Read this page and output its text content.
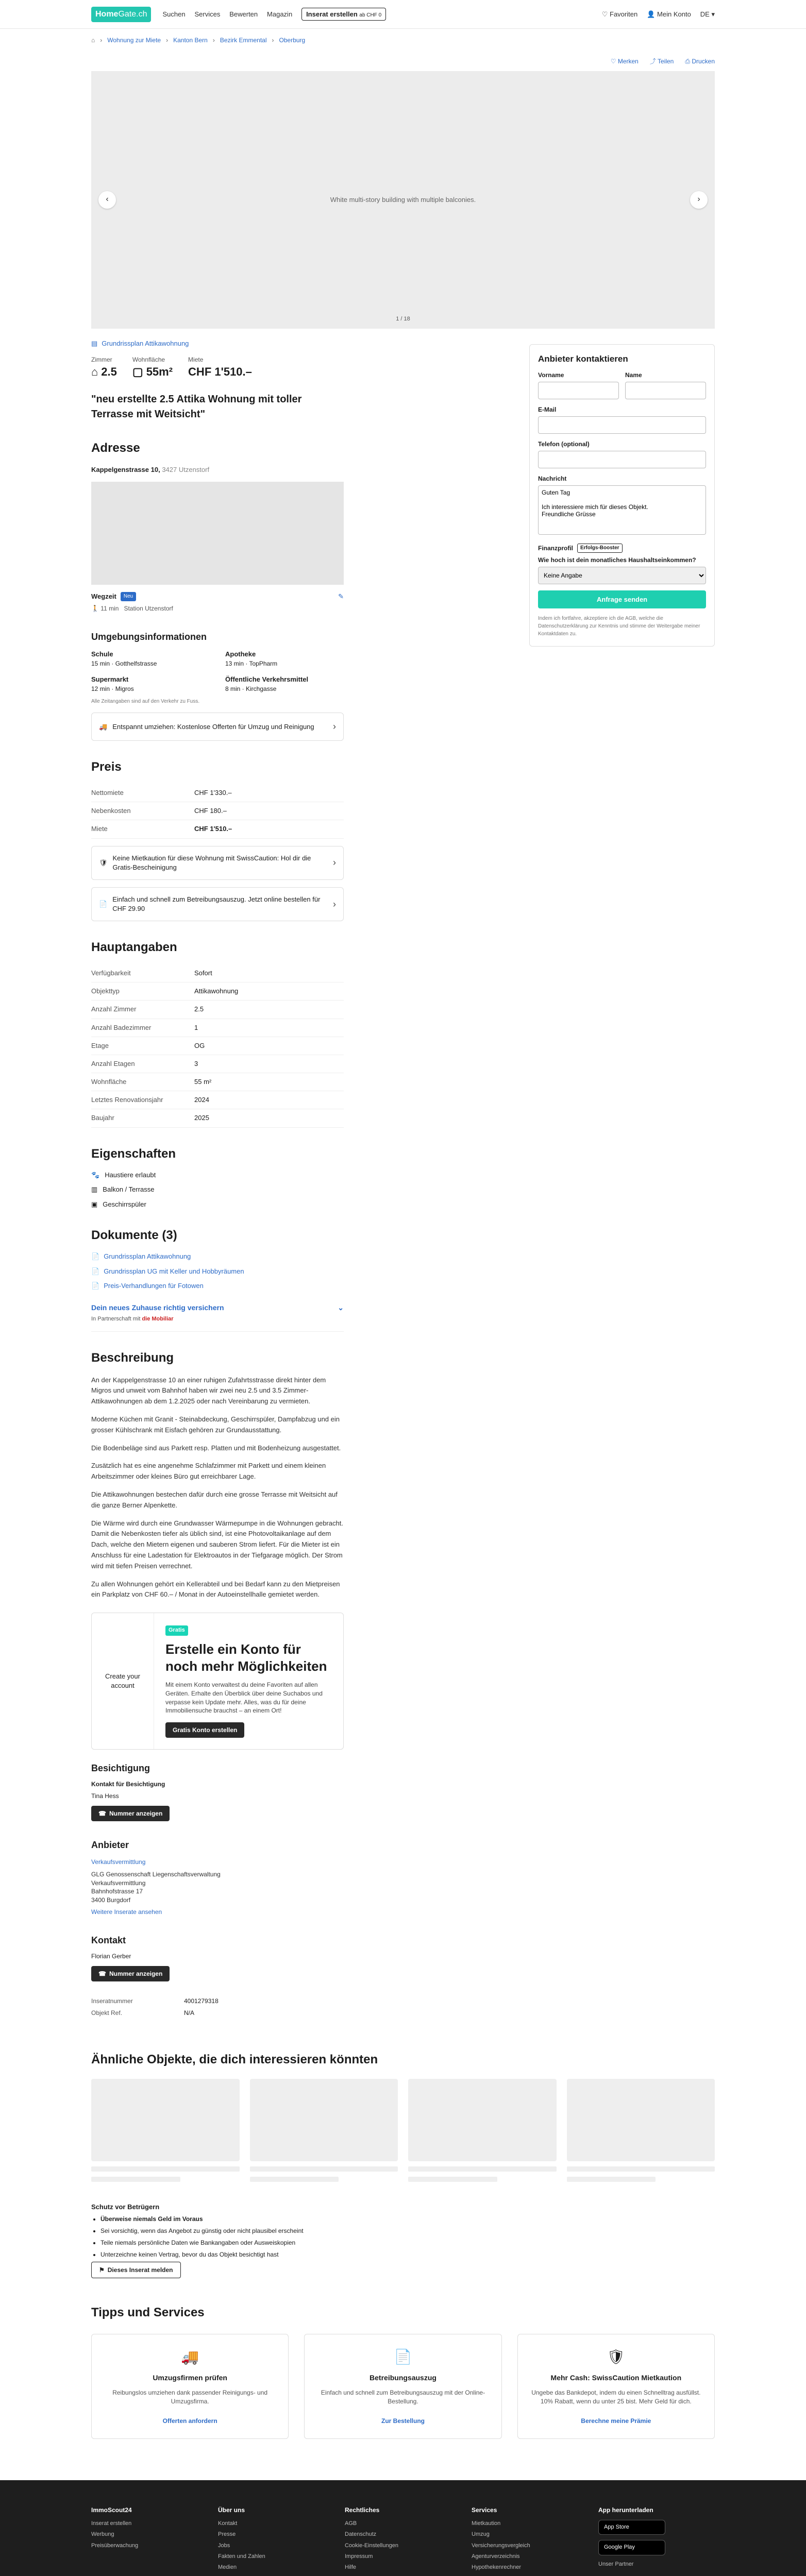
HomeGate.ch	Suchen Services Bewerten Magazin Inserat erstellen ab CHF 0	♡ Favoriten 👤 Mein Konto DE ▾
⌂ › Wohnung zur Miete › Kanton Bern › Bezirk Emmental › Oberburg
♡ Merken ⤴ Teilen ⎙ Drucken
White multi-story building with multiple balconies.
‹	›
1 / 18
▤ Grundrissplan Attikawohnung
Zimmer
⌂ 2.5
Wohnfläche
▢ 55m²
Miete
CHF 1'510.–
"neu erstellte 2.5 Attika Wohnung mit toller Terrasse mit Weitsicht"
Adresse
Kappelgenstrasse 10, 3427 Utzenstorf
Wegzeit	Neu	✎
🚶 11 min Station Utzenstorf
Umgebungsinformationen
Schule
15 min · Gotthelfstrasse
Apotheke
13 min · TopPharm
Supermarkt
12 min · Migros
Öffentliche Verkehrsmittel
8 min · Kirchgasse
Alle Zeitangaben sind auf den Verkehr zu Fuss.
🚚 Entspannt umziehen: Kostenlose Offerten für Umzug und Reinigung ›
Preis
Nettomiete	CHF 1'330.–
Nebenkosten	CHF 180.–
Miete	CHF 1'510.–
🛡
Keine Mietkaution für diese Wohnung mit SwissCaution: Hol dir die Gratis-Bescheinigung	›
📄
Einfach und schnell zum Betreibungsauszug. Jetzt online bestellen für CHF 29.90	›
Hauptangaben
Verfügbarkeit	Sofort
Objekttyp	Attikawohnung
Anzahl Zimmer	2.5
Anzahl Badezimmer	1
Etage	OG
Anzahl Etagen	3
Wohnfläche	55 m²
Letztes Renovationsjahr	2024
Baujahr	2025
Eigenschaften
🐾 Haustiere erlaubt
▥ Balkon / Terrasse
▣ Geschirrspüler
Dokumente (3)
📄 Grundrissplan Attikawohnung
📄 Grundrissplan UG mit Keller und Hobbyräumen
📄 Preis-Verhandlungen für Fotowen
Dein neues Zuhause richtig versichern	⌄
In Partnerschaft mit die Mobiliar
Beschreibung

An der Kappelgenstrasse 10 an einer ruhigen Zufahrtsstrasse direkt hinter dem Migros und unweit vom Bahnhof haben wir zwei neu 2.5 und 3.5 Zimmer-Attikawohnungen ab dem 1.2.2025 oder nach Vereinbarung zu vermieten.

Moderne Küchen mit Granit - Steinabdeckung, Geschirrspüler, Dampfabzug und ein grosser Kühlschrank mit Eisfach gehören zur Grundausstattung.

Die Bodenbeläge sind aus Parkett resp. Platten und mit Bodenheizung ausgestattet.

Zusätzlich hat es eine angenehme Schlafzimmer mit Parkett und einem kleinen Arbeitszimmer oder kleines Büro gut erreichbarer Lage.

Die Attikawohnungen bestechen dafür durch eine grosse Terrasse mit Weitsicht auf die ganze Berner Alpenkette.

Die Wärme wird durch eine Grundwasser Wärmepumpe in die Wohnungen gebracht. Damit die Nebenkosten tiefer als üblich sind, ist eine Photovoltaikanlage auf dem Dach, welche den Mietern eigenen und sauberen Strom liefert. Für die Mieter ist ein Anschluss für eine Ladestation für Elektroautos in der Tiefgarage möglich. Der Strom wird mit tiefen Preisen verrechnet.

Zu allen Wohnungen gehört ein Kellerabteil und bei Bedarf kann zu den Mietpreisen ein Parkplatz von CHF 60.– / Monat in der Autoeinstellhalle gemietet werden.

Create your account
Gratis
Erstelle ein Konto für noch mehr Möglichkeiten
Mit einem Konto verwaltest du deine Favoriten auf allen Geräten. Erhalte den Überblick über deine Suchabos und verpasse kein Update mehr. Alles, was du für deine Immobiliensuche brauchst – an einem Ort!
Gratis Konto erstellen
Besichtigung
Kontakt für Besichtigung
Tina Hess
☎ Nummer anzeigen
Anbieter
Verkaufsvermittlung
GLG Genossenschaft Liegenschaftsverwaltung
Verkaufsvermittlung
Bahnhofstrasse 17
3400 Burgdorf
Weitere Inserate ansehen
Kontakt
Florian Gerber
☎ Nummer anzeigen
Inseratnummer	4001279318
Objekt Ref.	N/A
Anbieter kontaktieren
Vorname	Name
E-Mail
Telefon (optional)
Nachricht
Guten Tag Ich interessiere mich für dieses Objekt. Freundliche Grüsse
Finanzprofil	Erfolgs-Booster
Wie hoch ist dein monatliches Haushaltseinkommen?
Keine Angabe
Anfrage senden
Indem ich fortfahre, akzeptiere ich die AGB, welche die Datenschutzerklärung zur Kenntnis und stimme der Weitergabe meiner Kontaktdaten zu.
Ähnliche Objekte, die dich interessieren könnten
Schutz vor Betrügern
• Überweise niemals Geld im Voraus
• Sei vorsichtig, wenn das Angebot zu günstig oder nicht plausibel erscheint
• Teile niemals persönliche Daten wie Bankangaben oder Ausweiskopien
• Unterzeichne keinen Vertrag, bevor du das Objekt besichtigt hast
⚑ Dieses Inserat melden
Tipps und Services
🚚
Umzugsfirmen prüfen
Reibungslos umziehen dank passender Reinigungs- und Umzugsfirma.
Offerten anfordern
📄
Betreibungsauszug
Einfach und schnell zum Betreibungsauszug mit der Online-Bestellung.
Zur Bestellung
🛡
Mehr Cash: SwissCaution Mietkaution
Ungebe das Bankdepot, indem du einen Schnelltrag ausfüllst. 10% Rabatt, wenn du unter 25 bist. Mehr Geld für dich.
Berechne meine Prämie
ImmoScout24
Inserat erstellen
Werbung
Preisüberwachung
Über uns
Kontakt
Presse
Jobs
Fakten und Zahlen
Medien
Rechtliches
AGB
Datenschutz
Cookie-Einstellungen
Impressum
Hilfe
Services
Mietkaution
Umzug
Versicherungsvergleich
Agenturverzeichnis
Hypothekenrechner
App herunterladen
App Store
Google Play
Unser Partner
